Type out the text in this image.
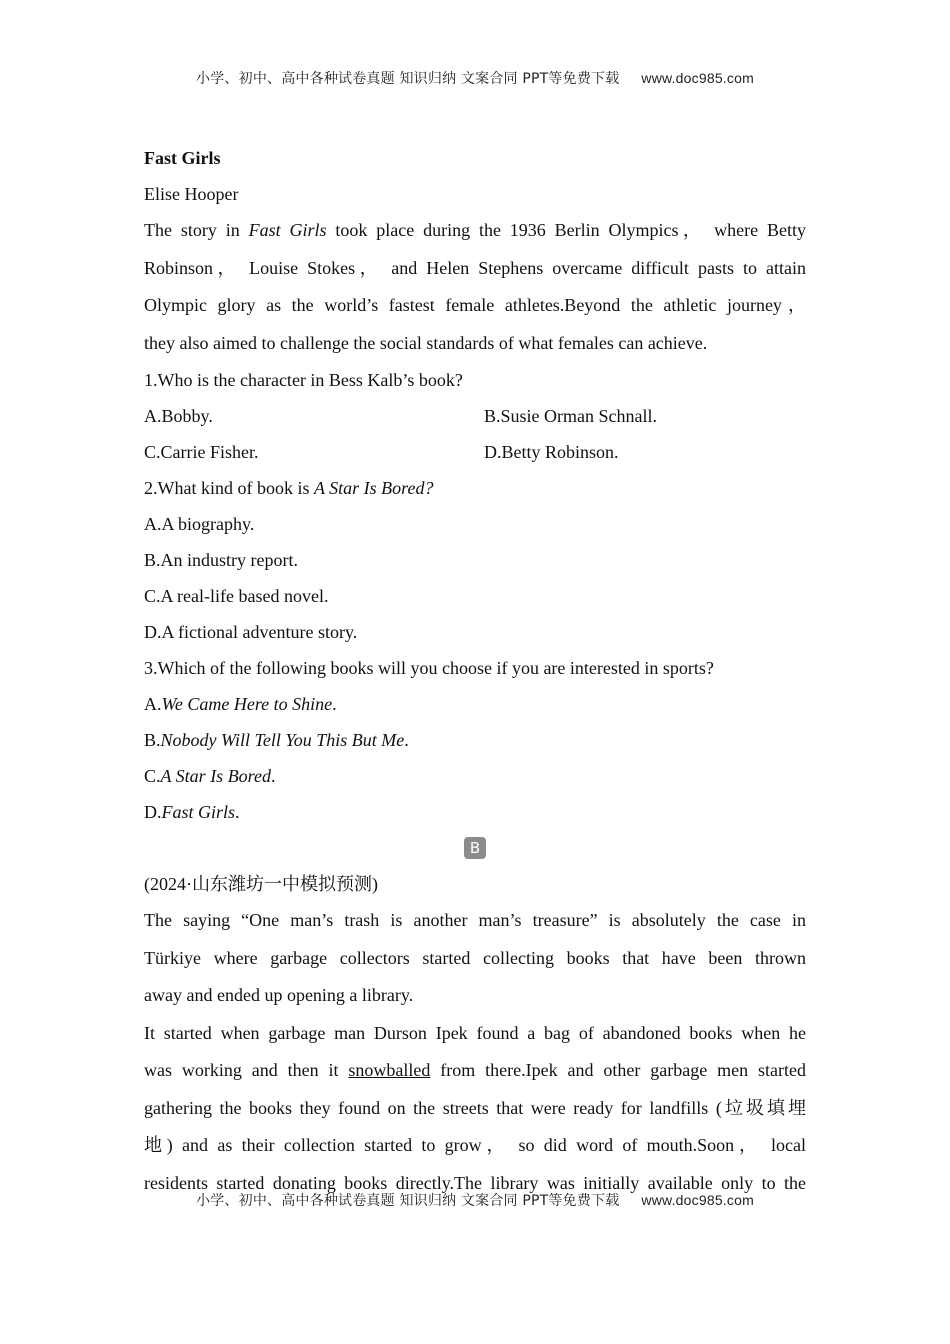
小学、初中、高中各种试卷真题 知识归纳 文案合同 PPT等免费下载 www.doc985.com
Fast Girls
Elise Hooper
The story in Fast Girls took place during the 1936 Berlin Olympics， where Betty
Robinson， Louise Stokes， and Helen Stephens overcame difficult pasts to attain
Olympic glory as the world’s fastest female athletes.Beyond the athletic journey，
they also aimed to challenge the social standards of what females can achieve.
1.Who is the character in Bess Kalb’s book?
A.Bobby.	B.Susie Orman Schnall.
C.Carrie Fisher.	D.Betty Robinson.
2.What kind of book is A Star Is Bored?
A.A biography.
B.An industry report.
C.A real-life based novel.
D.A fictional adventure story.
3.Which of the following books will you choose if you are interested in sports?
A.We Came Here to Shine.
B.Nobody Will Tell You This But Me.
C.A Star Is Bored.
D.Fast Girls.
B
(2024·山东潍坊一中模拟预测)
The saying “One man’s trash is another man’s treasure” is absolutely the case in
Türkiye where garbage collectors started collecting books that have been thrown
away and ended up opening a library.
It started when garbage man Durson Ipek found a bag of abandoned books when he
was working and then it snowballed from there.Ipek and other garbage men started
gathering the books they found on the streets that were ready for landfills (垃圾填埋
地) and as their collection started to grow， so did word of mouth.Soon， local
residents started donating books directly.The library was initially available only to the
小学、初中、高中各种试卷真题 知识归纳 文案合同 PPT等免费下载 www.doc985.com
